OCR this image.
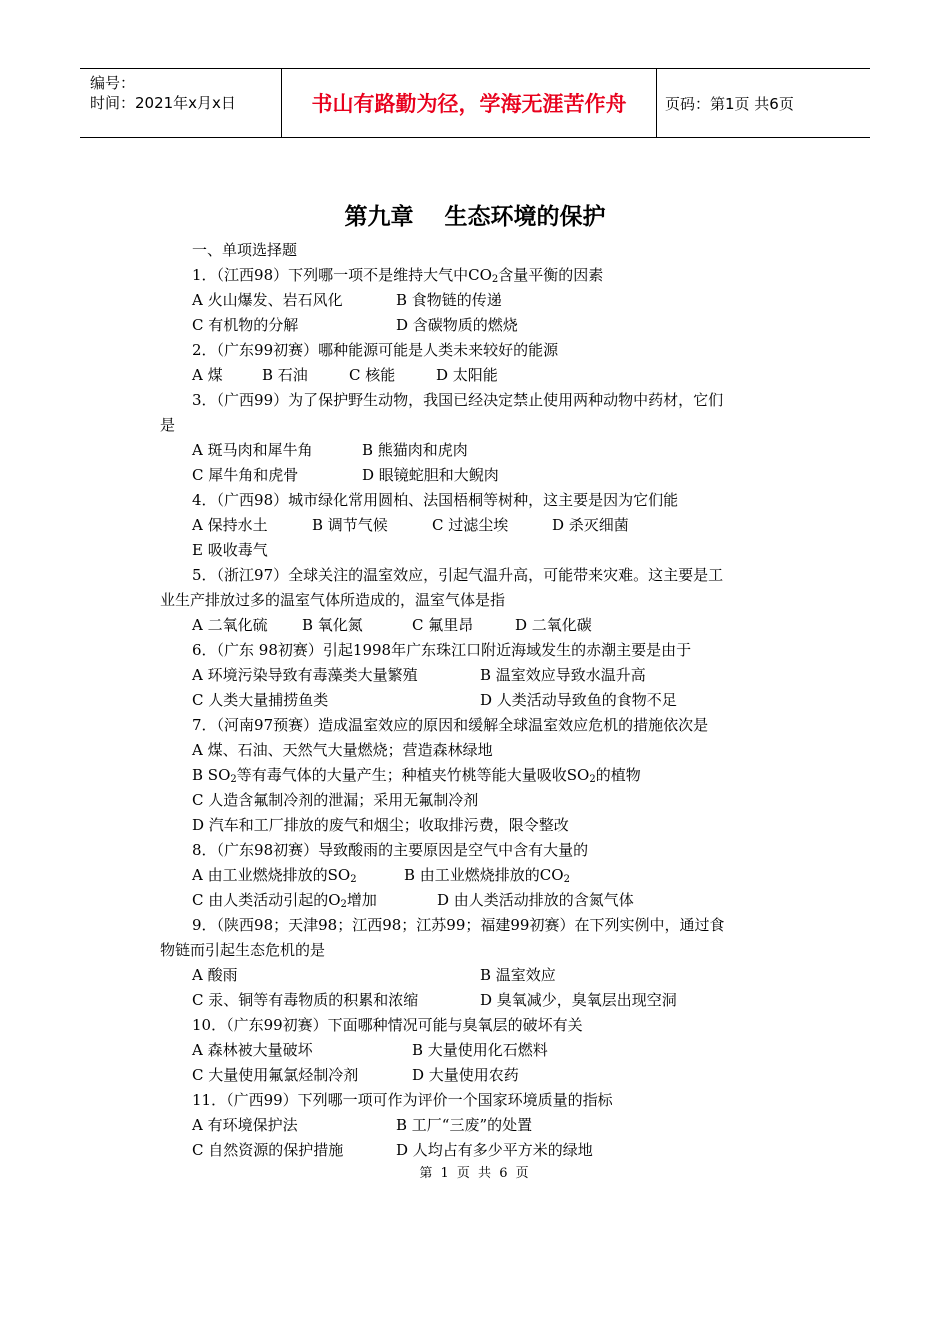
编号：
时间：2021年x月x日	书山有路勤为径，学海无涯苦作舟	页码：第1页 共6页
第九章　 生态环境的保护
一、单项选择题
1．（江西98）下列哪一项不是维持大气中$CO_2$含量平衡的因素
A 火山爆发、岩石风化	B 食物链的传递
C 有机物的分解	D 含碳物质的燃烧
2．（广东99初赛）哪种能源可能是人类未来较好的能源
A 煤	B 石油	C 核能	D 太阳能
3．（广西99）为了保护野生动物，我国已经决定禁止使用两种动物中药材，它们
是
A 斑马肉和犀牛角	B 熊猫肉和虎肉
C 犀牛角和虎骨	D 眼镜蛇胆和大鲵肉
4．（广西98）城市绿化常用圆柏、法国梧桐等树种，这主要是因为它们能
A 保持水土	B 调节气候	C 过滤尘埃	D 杀灭细菌
E 吸收毒气
5．（浙江97）全球关注的温室效应，引起气温升高，可能带来灾难。这主要是工
业生产排放过多的温室气体所造成的，温室气体是指
A 二氧化硫 B 氧化氮	C 氟里昂	D 二氧化碳
6．（广东 98初赛）引起1998年广东珠江口附近海域发生的赤潮主要是由于
A 环境污染导致有毒藻类大量繁殖	B 温室效应导致水温升高
C 人类大量捕捞鱼类	D 人类活动导致鱼的食物不足
7．（河南97预赛）造成温室效应的原因和缓解全球温室效应危机的措施依次是
A 煤、石油、天然气大量燃烧；营造森林绿地
B $SO_2$等有毒气体的大量产生；种植夹竹桃等能大量吸收$SO_2$的植物
C 人造含氟制冷剂的泄漏；采用无氟制冷剂
D 汽车和工厂排放的废气和烟尘；收取排污费，限令整改
8．（广东98初赛）导致酸雨的主要原因是空气中含有大量的
A 由工业燃烧排放的$SO_2$	B 由工业燃烧排放的$CO_2$
C 由人类活动引起的$O_2$增加	D 由人类活动排放的含氮气体
9．（陕西98；天津98；江西98；江苏99；福建99初赛）在下列实例中，通过食
物链而引起生态危机的是
A 酸雨	B 温室效应
C 汞、铜等有毒物质的积累和浓缩	D 臭氧减少，臭氧层出现空洞
10．（广东99初赛）下面哪种情况可能与臭氧层的破坏有关
A 森林被大量破坏	B 大量使用化石燃料
C 大量使用氟氯烃制冷剂	D 大量使用农药
11．（广西99）下列哪一项可作为评价一个国家环境质量的指标
A 有环境保护法	B 工厂“三废”的处置
C 自然资源的保护措施	D 人均占有多少平方米的绿地
第 1 页 共 6 页
